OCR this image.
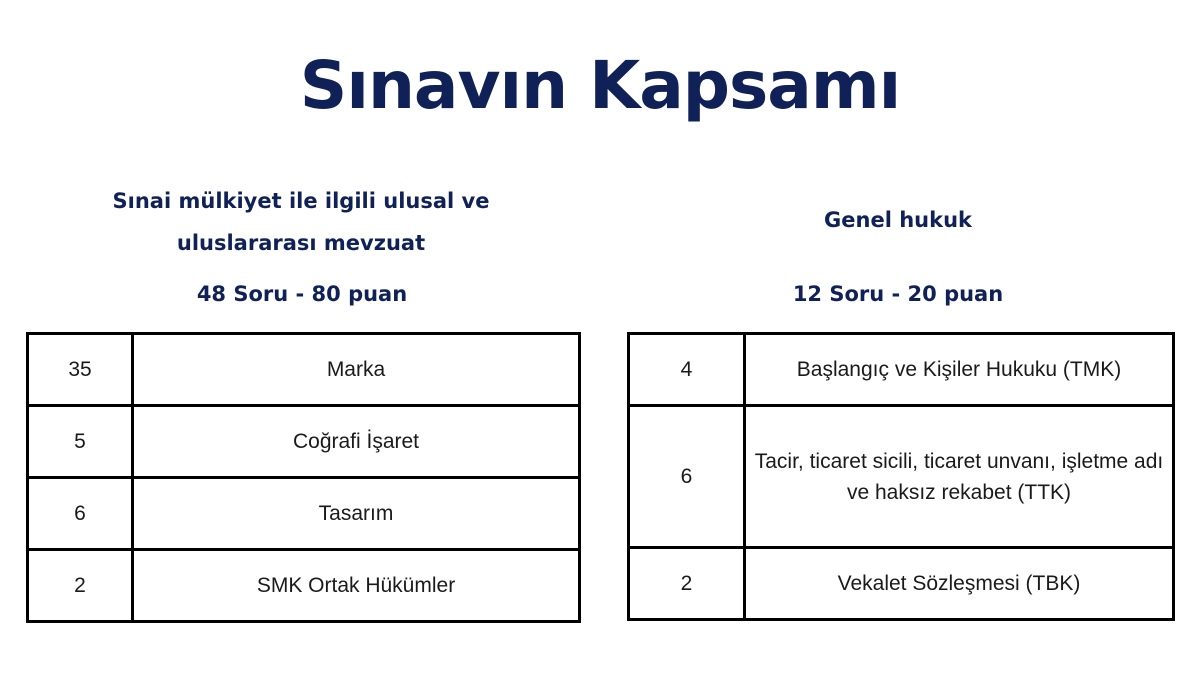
Sınavın Kapsamı
Sınai mülkiyet ile ilgili ulusal ve uluslararası mevzuat
48 Soru - 80 puan
Genel hukuk
12 Soru - 20 puan
35	Marka
5	Coğrafi İşaret
6	Tasarım
2	SMK Ortak Hükümler
4	Başlangıç ve Kişiler Hukuku (TMK)
6	Tacir, ticaret sicili, ticaret unvanı, işletme adı ve haksız rekabet (TTK)
2	Vekalet Sözleşmesi (TBK)
